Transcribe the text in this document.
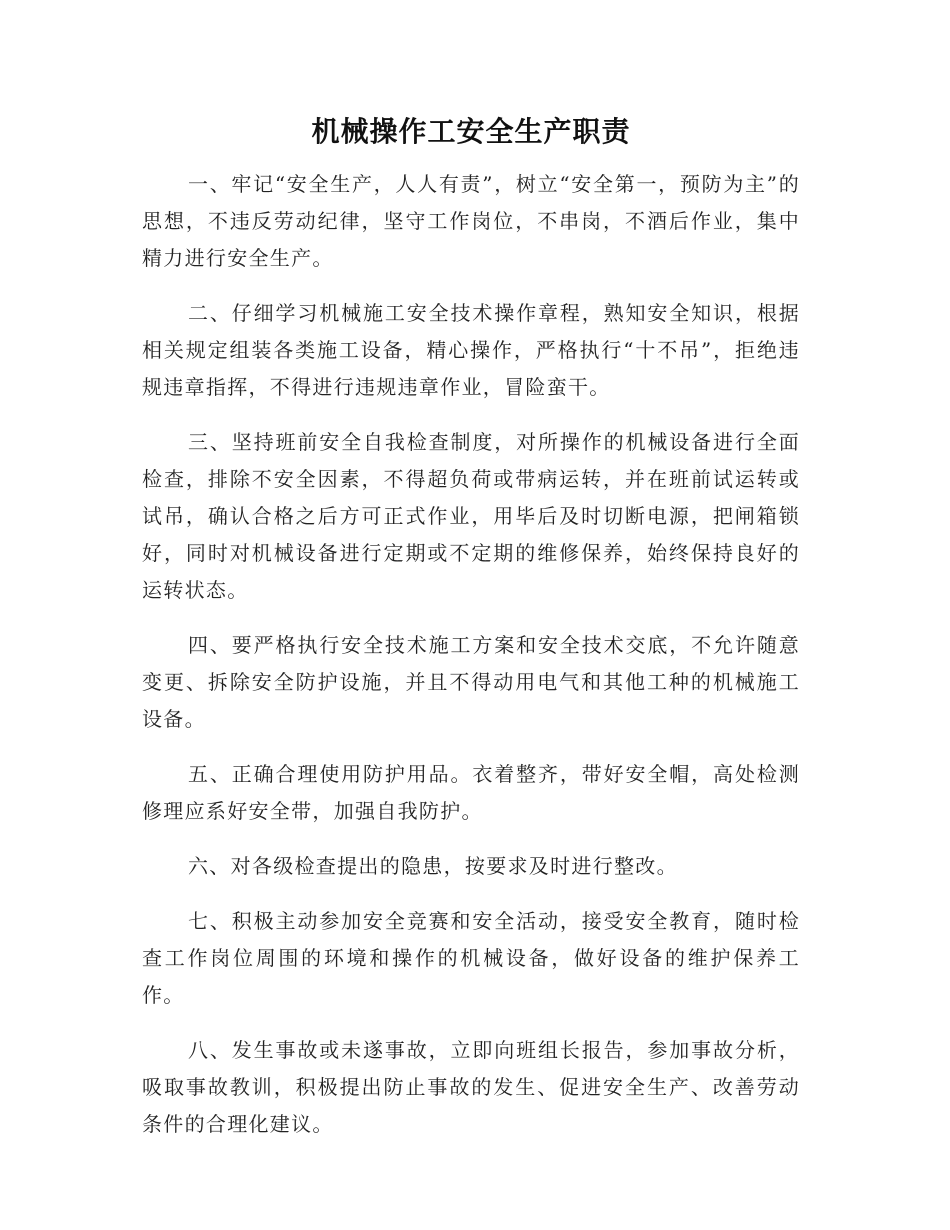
机械操作工安全生产职责

一、牢记“安全生产，人人有责”，树立“安全第一，预防为主”的思想，不违反劳动纪律，坚守工作岗位，不串岗，不酒后作业，集中精力进行安全生产。

二、仔细学习机械施工安全技术操作章程，熟知安全知识，根据相关规定组装各类施工设备，精心操作，严格执行“十不吊”，拒绝违规违章指挥，不得进行违规违章作业，冒险蛮干。

三、坚持班前安全自我检查制度，对所操作的机械设备进行全面检查，排除不安全因素，不得超负荷或带病运转，并在班前试运转或试吊，确认合格之后方可正式作业，用毕后及时切断电源，把闸箱锁好，同时对机械设备进行定期或不定期的维修保养，始终保持良好的运转状态。

四、要严格执行安全技术施工方案和安全技术交底，不允许随意变更、拆除安全防护设施，并且不得动用电气和其他工种的机械施工设备。

五、正确合理使用防护用品。衣着整齐，带好安全帽，高处检测修理应系好安全带，加强自我防护。

六、对各级检查提出的隐患，按要求及时进行整改。

七、积极主动参加安全竞赛和安全活动，接受安全教育，随时检查工作岗位周围的环境和操作的机械设备，做好设备的维护保养工作。

八、发生事故或未遂事故，立即向班组长报告，参加事故分析，吸取事故教训，积极提出防止事故的发生、促进安全生产、改善劳动条件的合理化建议。
